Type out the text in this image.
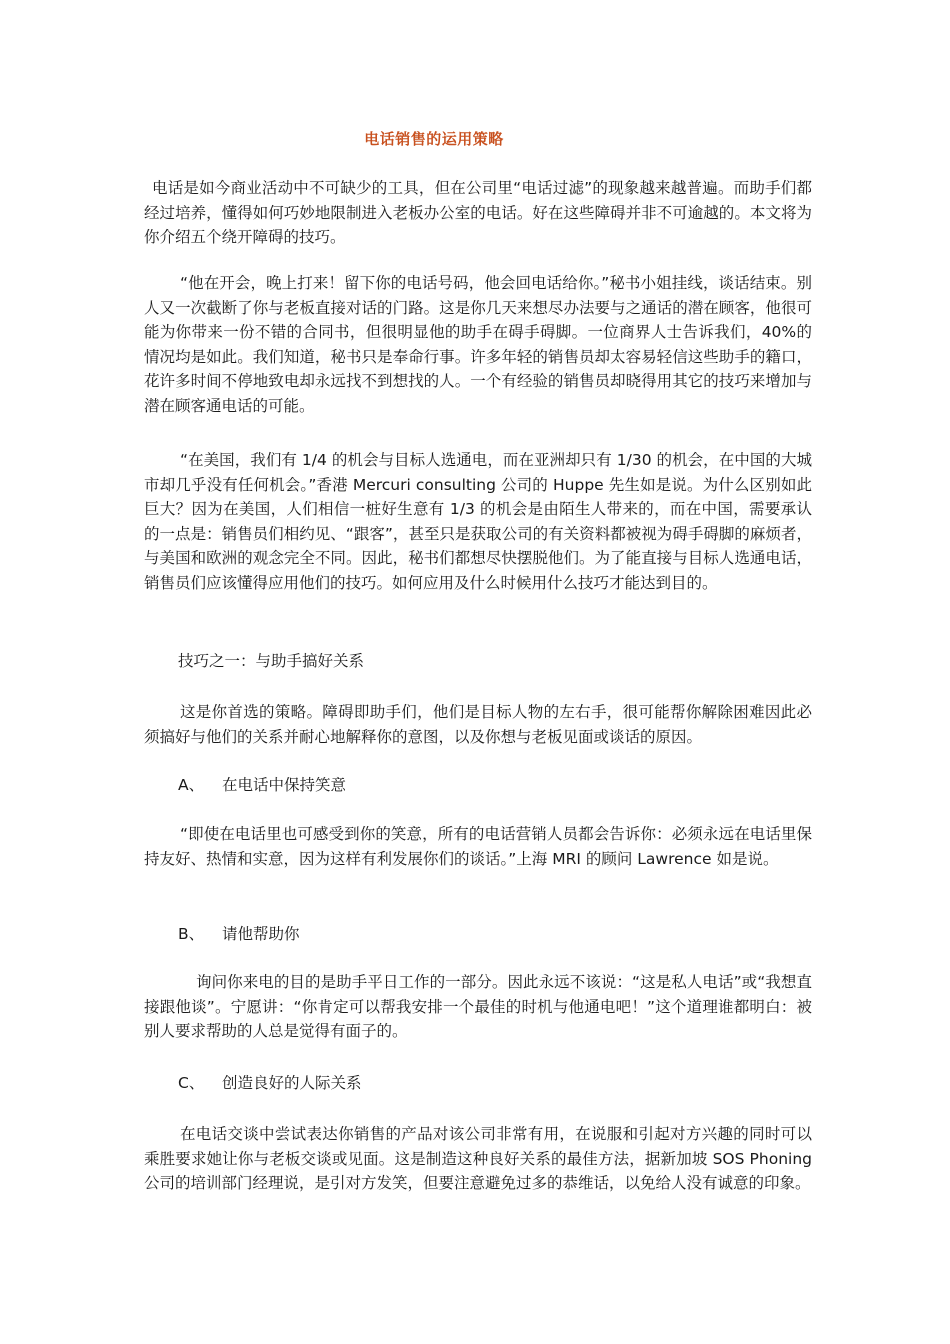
电话销售的运用策略

电话是如今商业活动中不可缺少的工具，但在公司里“电话过滤”的现象越来越普遍。而助手们都经过培养，懂得如何巧妙地限制进入老板办公室的电话。好在这些障碍并非不可逾越的。本文将为你介绍五个绕开障碍的技巧。

“他在开会，晚上打来！留下你的电话号码，他会回电话给你。”秘书小姐挂线，谈话结束。别人又一次截断了你与老板直接对话的门路。这是你几天来想尽办法要与之通话的潜在顾客，他很可能为你带来一份不错的合同书，但很明显他的助手在碍手碍脚。一位商界人士告诉我们，40%的情况均是如此。我们知道，秘书只是奉命行事。许多年轻的销售员却太容易轻信这些助手的籍口，花许多时间不停地致电却永远找不到想找的人。一个有经验的销售员却晓得用其它的技巧来增加与潜在顾客通电话的可能。

“在美国，我们有 1/4 的机会与目标人选通电，而在亚洲却只有 1/30 的机会，在中国的大城市却几乎没有任何机会。”香港 Mercuri consulting 公司的 Huppe 先生如是说。为什么区别如此巨大？因为在美国，人们相信一桩好生意有 1/3 的机会是由陌生人带来的，而在中国，需要承认的一点是：销售员们相约见、“跟客”，甚至只是获取公司的有关资料都被视为碍手碍脚的麻烦者，与美国和欧洲的观念完全不同。因此，秘书们都想尽快摆脱他们。为了能直接与目标人选通电话，销售员们应该懂得应用他们的技巧。如何应用及什么时候用什么技巧才能达到目的。

技巧之一：与助手搞好关系

这是你首选的策略。障碍即助手们，他们是目标人物的左右手，很可能帮你解除困难因此必须搞好与他们的关系并耐心地解释你的意图，以及你想与老板见面或谈话的原因。

A、 在电话中保持笑意

“即使在电话里也可感受到你的笑意，所有的电话营销人员都会告诉你：必须永远在电话里保持友好、热情和实意，因为这样有利发展你们的谈话。”上海 MRI 的顾问 Lawrence 如是说。

B、 请他帮助你

询问你来电的目的是助手平日工作的一部分。因此永远不该说：“这是私人电话”或“我想直接跟他谈”。宁愿讲：“你肯定可以帮我安排一个最佳的时机与他通电吧！”这个道理谁都明白：被别人要求帮助的人总是觉得有面子的。

C、 创造良好的人际关系

在电话交谈中尝试表达你销售的产品对该公司非常有用，在说服和引起对方兴趣的同时可以乘胜要求她让你与老板交谈或见面。这是制造这种良好关系的最佳方法，据新加坡 SOS Phoning 公司的培训部门经理说，是引对方发笑，但要注意避免过多的恭维话，以免给人没有诚意的印象。
